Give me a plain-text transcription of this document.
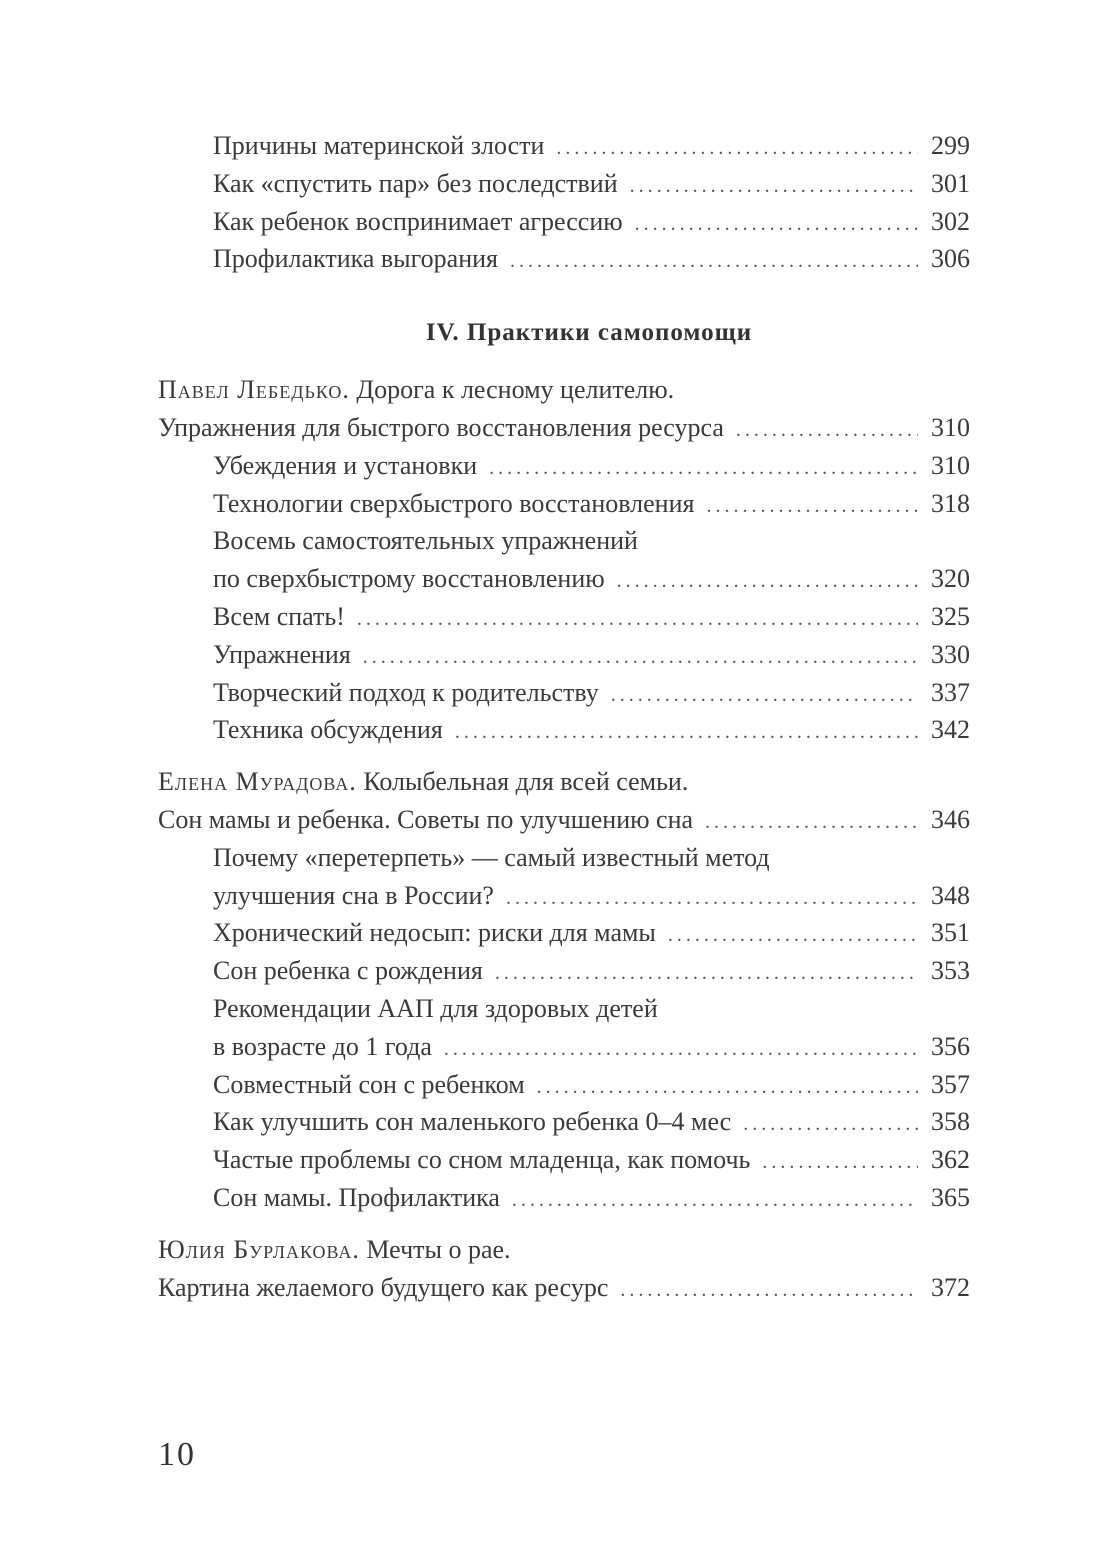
Причины материнской злости .....	299
Как «спустить пар» без последствий .....	301
Как ребенок воспринимает агрессию .....	302
Профилактика выгорания .....	306
IV. Практики самопомощи
Павел Лебедько. Дорога к лесному целителю.
Упражнения для быстрого восстановления ресурса .....	310
Убеждения и установки .....	310
Технологии сверхбыстрого восстановления .....	318
Восемь самостоятельных упражнений
по сверхбыстрому восстановлению .....	320
Всем спать! .....	325
Упражнения .....	330
Творческий подход к родительству .....	337
Техника обсуждения .....	342
Елена Мурадова. Колыбельная для всей семьи.
Сон мамы и ребенка. Советы по улучшению сна .....	346
Почему «перетерпеть» — самый известный метод
улучшения сна в России? .....	348
Хронический недосып: риски для мамы .....	351
Сон ребенка с рождения .....	353
Рекомендации ААП для здоровых детей
в возрасте до 1 года .....	356
Совместный сон с ребенком .....	357
Как улучшить сон маленького ребенка 0–4 мес .....	358
Частые проблемы со сном младенца, как помочь .....	362
Сон мамы. Профилактика .....	365
Юлия Бурлакова. Мечты о рае.
Картина желаемого будущего как ресурс .....	372
10
